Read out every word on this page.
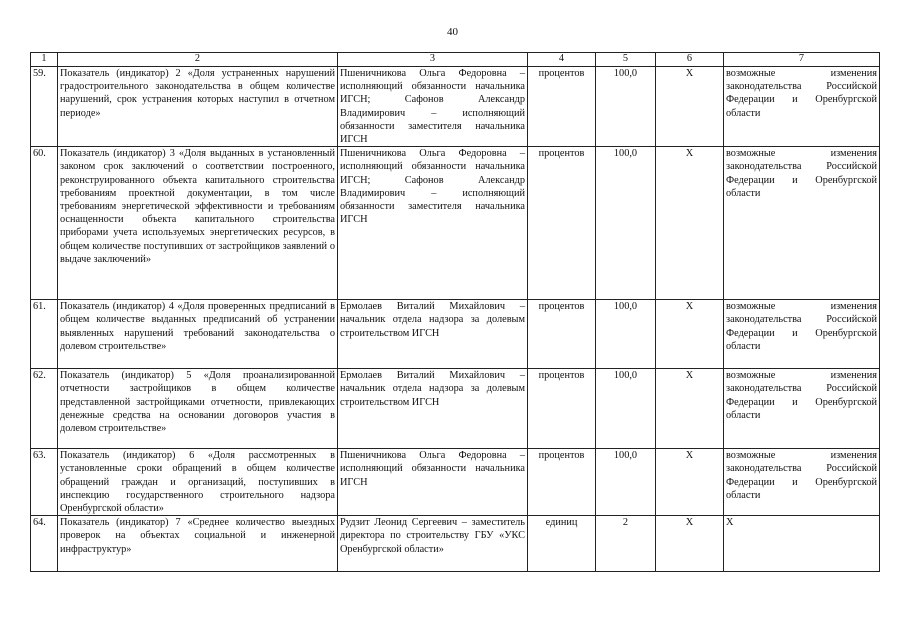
40
1	2	3	4	5	6	7
59.	Показатель (индикатор) 2 «Доля устраненных нарушений градостроительного законодательства в общем количестве нарушений, срок устранения которых наступил в отчетном периоде»	Пшеничникова Ольга Федоровна – исполняющий обязанности начальника ИГСН; Сафонов Александр Владимирович – исполняющий обязанности заместителя начальника ИГСН	процентов	100,0	Х	возможные изменения законодательства Российской Федерации и Оренбургской области
60.	Показатель (индикатор) 3 «Доля выданных в установленный законом срок заключений о соответствии построенного, реконструированного объекта капитального строительства требованиям проектной документации, в том числе требованиям энергетической эффективности и требованиям оснащенности объекта капитального строительства приборами учета используемых энергетических ресурсов, в общем количестве поступивших от застройщиков заявлений о выдаче заключений»	Пшеничникова Ольга Федоровна – исполняющий обязанности начальника ИГСН; Сафонов Александр Владимирович – исполняющий обязанности заместителя начальника ИГСН	процентов	100,0	Х	возможные изменения законодательства Российской Федерации и Оренбургской области
61.	Показатель (индикатор) 4 «Доля проверенных предписаний в общем количестве выданных предписаний об устранении выявленных нарушений требований законодательства о долевом строительстве»	Ермолаев Виталий Михайлович – начальник отдела надзора за долевым строительством ИГСН	процентов	100,0	Х	возможные изменения законодательства Российской Федерации и Оренбургской области
62.	Показатель (индикатор) 5 «Доля проанализированной отчетности застройщиков в общем количестве представленной застройщиками отчетности, привлекающих денежные средства на основании договоров участия в долевом строительстве»	Ермолаев Виталий Михайлович – начальник отдела надзора за долевым строительством ИГСН	процентов	100,0	Х	возможные изменения законодательства Российской Федерации и Оренбургской области
63.	Показатель (индикатор) 6 «Доля рассмотренных в установленные сроки обращений в общем количестве обращений граждан и организаций, поступивших в инспекцию государственного строительного надзора Оренбургской области»	Пшеничникова Ольга Федоровна – исполняющий обязанности начальника ИГСН	процентов	100,0	Х	возможные изменения законодательства Российской Федерации и Оренбургской области
64.	Показатель (индикатор) 7 «Среднее количество выездных проверок на объектах социальной и инженерной инфраструктур»	Рудзит Леонид Сергеевич – заместитель директора по строительству ГБУ «УКС Оренбургской области»	единиц	2	Х	Х
